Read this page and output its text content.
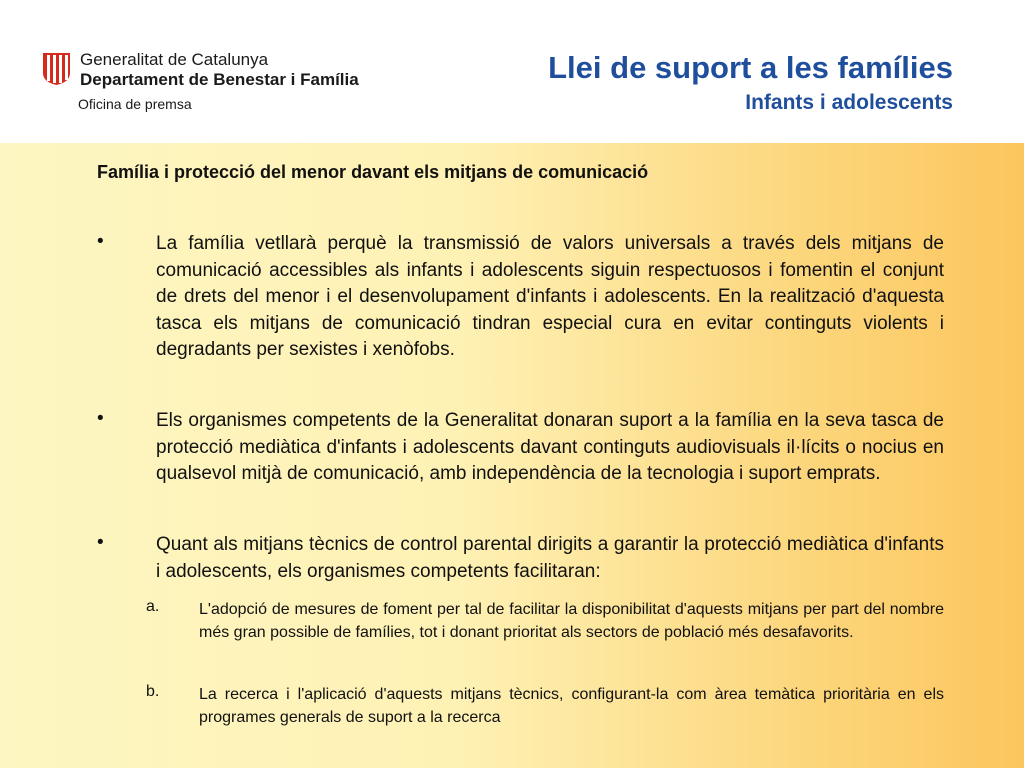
Generalitat de Catalunya
Departament de Benestar i Família
Oficina de premsa
Llei de suport a les famílies
Infants i adolescents
Família i protecció del menor davant els mitjans de comunicació
•	La família vetllarà perquè la transmissió de valors universals a través dels mitjans de comunicació accessibles als infants i adolescents siguin respectuosos i fomentin el conjunt de drets del menor i el desenvolupament d'infants i adolescents. En la realització d'aquesta tasca els mitjans de comunicació tindran especial cura en evitar continguts violents i degradants per sexistes i xenòfobs.
•	Els organismes competents de la Generalitat donaran suport a la família en la seva tasca de protecció mediàtica d'infants i adolescents davant continguts audiovisuals il·lícits o nocius en qualsevol mitjà de comunicació, amb independència de la tecnologia i suport emprats.
•	Quant als mitjans tècnics de control parental dirigits a garantir la protecció mediàtica d'infants i adolescents, els organismes competents facilitaran:
a. L'adopció de mesures de foment per tal de facilitar la disponibilitat d'aquests mitjans per part del nombre més gran possible de famílies, tot i donant prioritat als sectors de població més desafavorits.
b. La recerca i l'aplicació d'aquests mitjans tècnics, configurant-la com àrea temàtica prioritària en els programes generals de suport a la recerca
